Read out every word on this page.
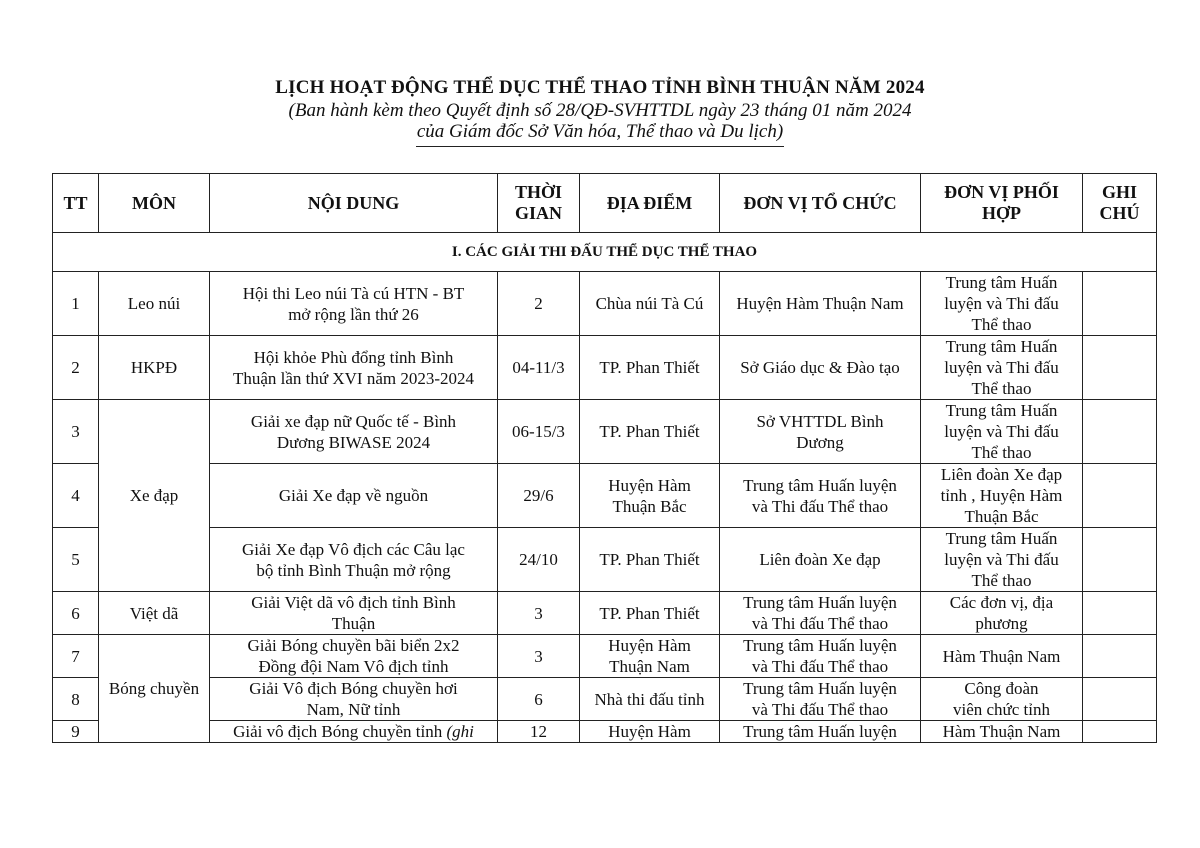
LỊCH HOẠT ĐỘNG THỂ DỤC THỂ THAO TỈNH BÌNH THUẬN NĂM 2024
(Ban hành kèm theo Quyết định số 28/QĐ-SVHTTDL ngày 23 tháng 01 năm 2024
của Giám đốc Sở Văn hóa, Thể thao và Du lịch)
TT	MÔN	NỘI DUNG	THỜI
GIAN	ĐỊA ĐIỂM	ĐƠN VỊ TỔ CHỨC	ĐƠN VỊ PHỐI
HỢP	GHI
CHÚ
I. CÁC GIẢI THI ĐẤU THỂ DỤC THỂ THAO							
1	Leo núi	Hội thi Leo núi Tà cú HTN - BT
mở rộng lần thứ 26	2	Chùa núi Tà Cú	Huyện Hàm Thuận Nam	Trung tâm Huấn
luyện và Thi đấu
Thể thao	
2	HKPĐ	Hội khỏe Phù đổng tỉnh Bình
Thuận lần thứ XVI năm 2023-2024	04-11/3	TP. Phan Thiết	Sở Giáo dục & Đào tạo	Trung tâm Huấn
luyện và Thi đấu
Thể thao	
3	Xe đạp	Giải xe đạp nữ Quốc tế - Bình
Dương BIWASE 2024	06-15/3	TP. Phan Thiết	Sở VHTTDL Bình
Dương	Trung tâm Huấn
luyện và Thi đấu
Thể thao	
4		Giải Xe đạp về nguồn	29/6	Huyện Hàm
Thuận Bắc	Trung tâm Huấn luyện
và Thi đấu Thể thao	Liên đoàn Xe đạp
tỉnh , Huyện Hàm
Thuận Bắc	
5		Giải Xe đạp Vô địch các Câu lạc
bộ tỉnh Bình Thuận mở rộng	24/10	TP. Phan Thiết	Liên đoàn Xe đạp	Trung tâm Huấn
luyện và Thi đấu
Thể thao	
6	Việt dã	Giải Việt dã vô địch tỉnh Bình
Thuận	3	TP. Phan Thiết	Trung tâm Huấn luyện
và Thi đấu Thể thao	Các đơn vị, địa
phương	
7	Bóng chuyền	Giải Bóng chuyền bãi biển 2x2
Đồng đội Nam Vô địch tỉnh	3	Huyện Hàm
Thuận Nam	Trung tâm Huấn luyện
và Thi đấu Thể thao	Hàm Thuận Nam	
8		Giải Vô địch Bóng chuyền hơi
Nam, Nữ tỉnh	6	Nhà thi đấu tỉnh	Trung tâm Huấn luyện
và Thi đấu Thể thao	Công đoàn
viên chức tỉnh	
9		Giải vô địch Bóng chuyền tỉnh (ghi	12	Huyện Hàm	Trung tâm Huấn luyện	Hàm Thuận Nam	
